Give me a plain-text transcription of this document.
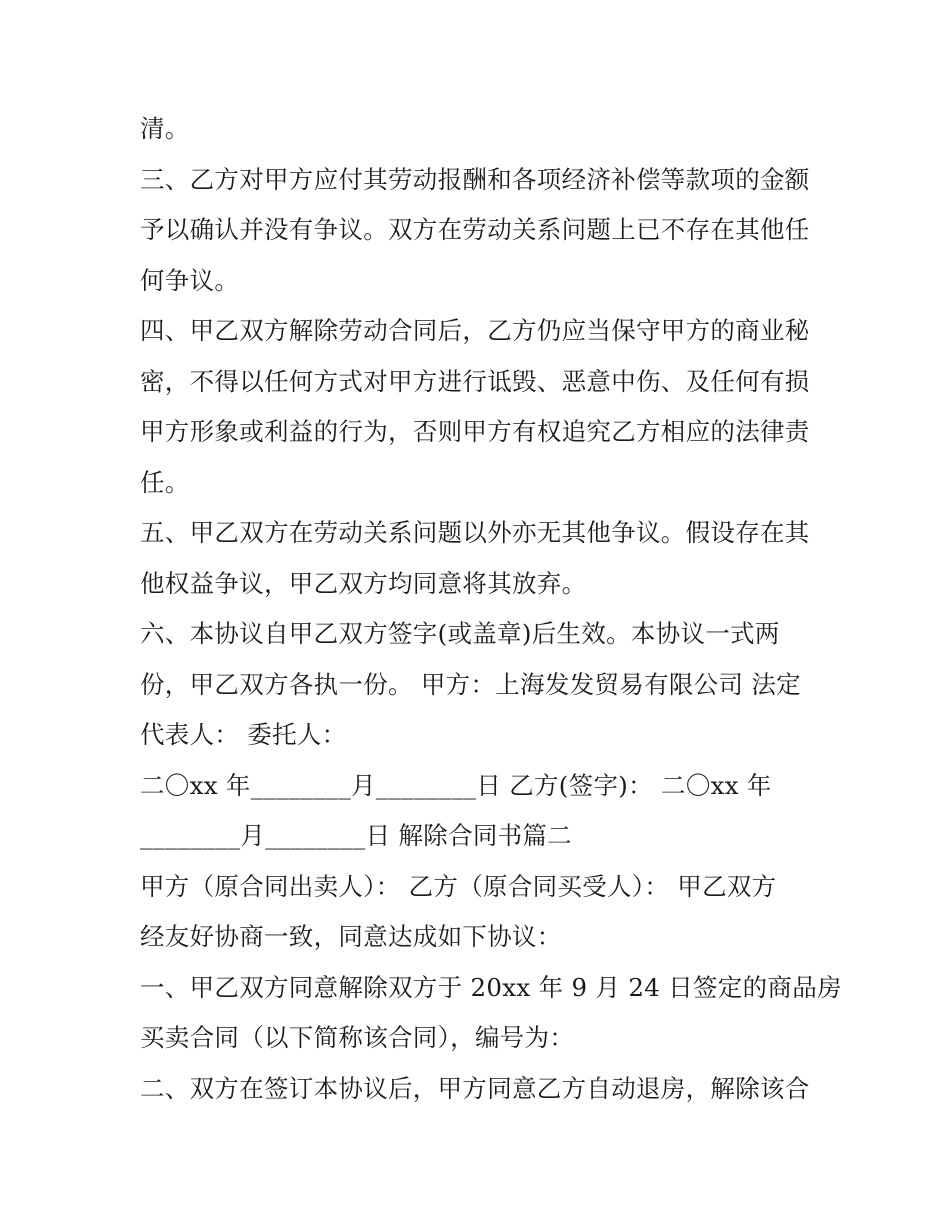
清。
三、乙方对甲方应付其劳动报酬和各项经济补偿等款项的金额
予以确认并没有争议。双方在劳动关系问题上已不存在其他任
何争议。
四、甲乙双方解除劳动合同后，乙方仍应当保守甲方的商业秘
密，不得以任何方式对甲方进行诋毁、恶意中伤、及任何有损
甲方形象或利益的行为，否则甲方有权追究乙方相应的法律责
任。
五、甲乙双方在劳动关系问题以外亦无其他争议。假设存在其
他权益争议，甲乙双方均同意将其放弃。
六、本协议自甲乙双方签字(或盖章)后生效。本协议一式两
份，甲乙双方各执一份。 甲方：上海发发贸易有限公司 法定
代表人： 委托人：
二〇xx 年________月________日 乙方(签字)： 二〇xx 年
________月________日 解除合同书篇二
甲方（原合同出卖人）： 乙方（原合同买受人）： 甲乙双方
经友好协商一致，同意达成如下协议：
一、甲乙双方同意解除双方于 20xx 年 9 月 24 日签定的商品房
买卖合同（以下简称该合同），编号为：
二、双方在签订本协议后，甲方同意乙方自动退房，解除该合
